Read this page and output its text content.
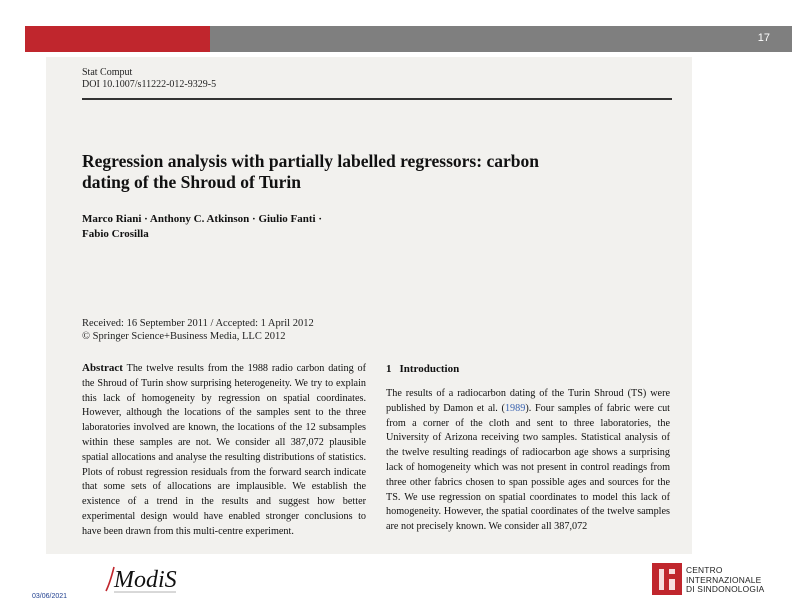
17
Stat Comput
DOI 10.1007/s11222-012-9329-5
Regression analysis with partially labelled regressors: carbon
dating of the Shroud of Turin
Marco Riani · Anthony C. Atkinson · Giulio Fanti ·
Fabio Crosilla
Received: 16 September 2011 / Accepted: 1 April 2012
© Springer Science+Business Media, LLC 2012
Abstract The twelve results from the 1988 radio carbon dating of the Shroud of Turin show surprising heterogeneity. We try to explain this lack of homogeneity by regression on spatial coordinates. However, although the locations of the samples sent to the three laboratories involved are known, the locations of the 12 subsamples within these samples are not. We consider all 387,072 plausible spatial allocations and analyse the resulting distributions of statistics. Plots of robust regression residuals from the forward search indicate that some sets of allocations are implausible. We establish the existence of a trend in the results and suggest how better experimental design would have enabled stronger conclusions to have been drawn from this multi-centre experiment.
1 Introduction
The results of a radiocarbon dating of the Turin Shroud (TS) were published by Damon et al. (1989). Four samples of fabric were cut from a corner of the cloth and sent to three laboratories, the University of Arizona receiving two samples. Statistical analysis of the twelve resulting readings of radiocarbon age shows a surprising lack of homogeneity which was not present in control readings from three other fabrics chosen to span possible ages and sources for the TS. We use regression on spatial coordinates to model this lack of homogeneity. However, the spatial coordinates of the twelve samples are not precisely known. We consider all 387,072
03/06/2021
ModiS	CENTRO
INTERNAZIONALE
DI SINDONOLOGIA
